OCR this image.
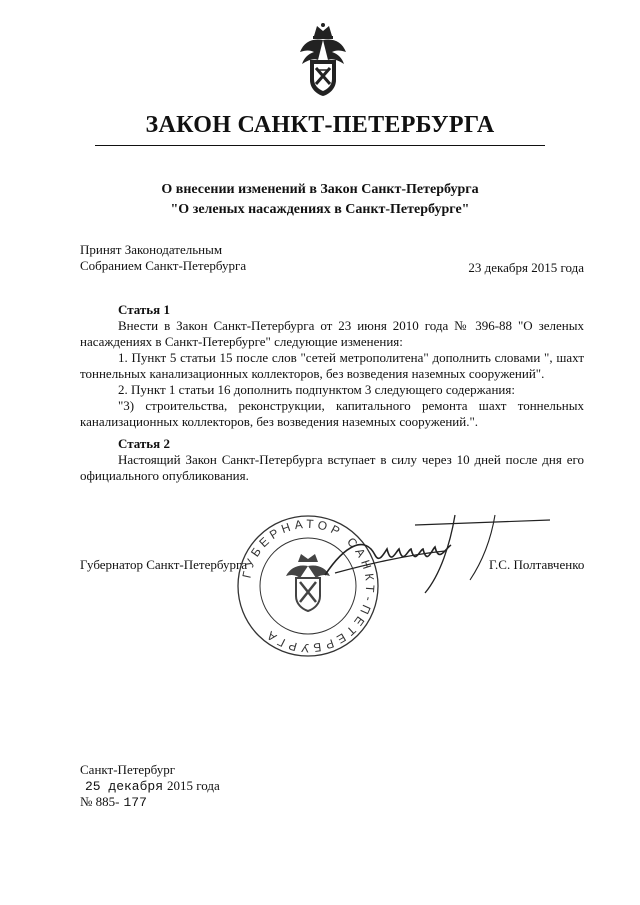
ЗАКОН САНКТ-ПЕТЕРБУРГА
О внесении изменений в Закон Санкт-Петербурга
"О зеленых насаждениях в Санкт-Петербурге"
Принят Законодательным
Собранием Санкт-Петербурга	23 декабря 2015 года
Статья 1
Внести в Закон Санкт-Петербурга от 23 июня 2010 года № 396-88 "О зеленых насаждениях в Санкт-Петербурге" следующие изменения:
1. Пункт 5 статьи 15 после слов "сетей метрополитена" дополнить словами ", шахт тоннельных канализационных коллекторов, без возведения наземных сооружений".
2. Пункт 1 статьи 16 дополнить подпунктом 3 следующего содержания:
"3) строительства, реконструкции, капитального ремонта шахт тоннельных канализационных коллекторов, без возведения наземных сооружений.".
Статья 2
Настоящий Закон Санкт-Петербурга вступает в силу через 10 дней после дня его официального опубликования.
ГУБЕРНАТОР САНКТ-ПЕТЕРБУРГА
Губернатор Санкт-Петербурга	Г.С. Полтавченко
Санкт-Петербург
25 декабря 2015 года
№ 885- 177
